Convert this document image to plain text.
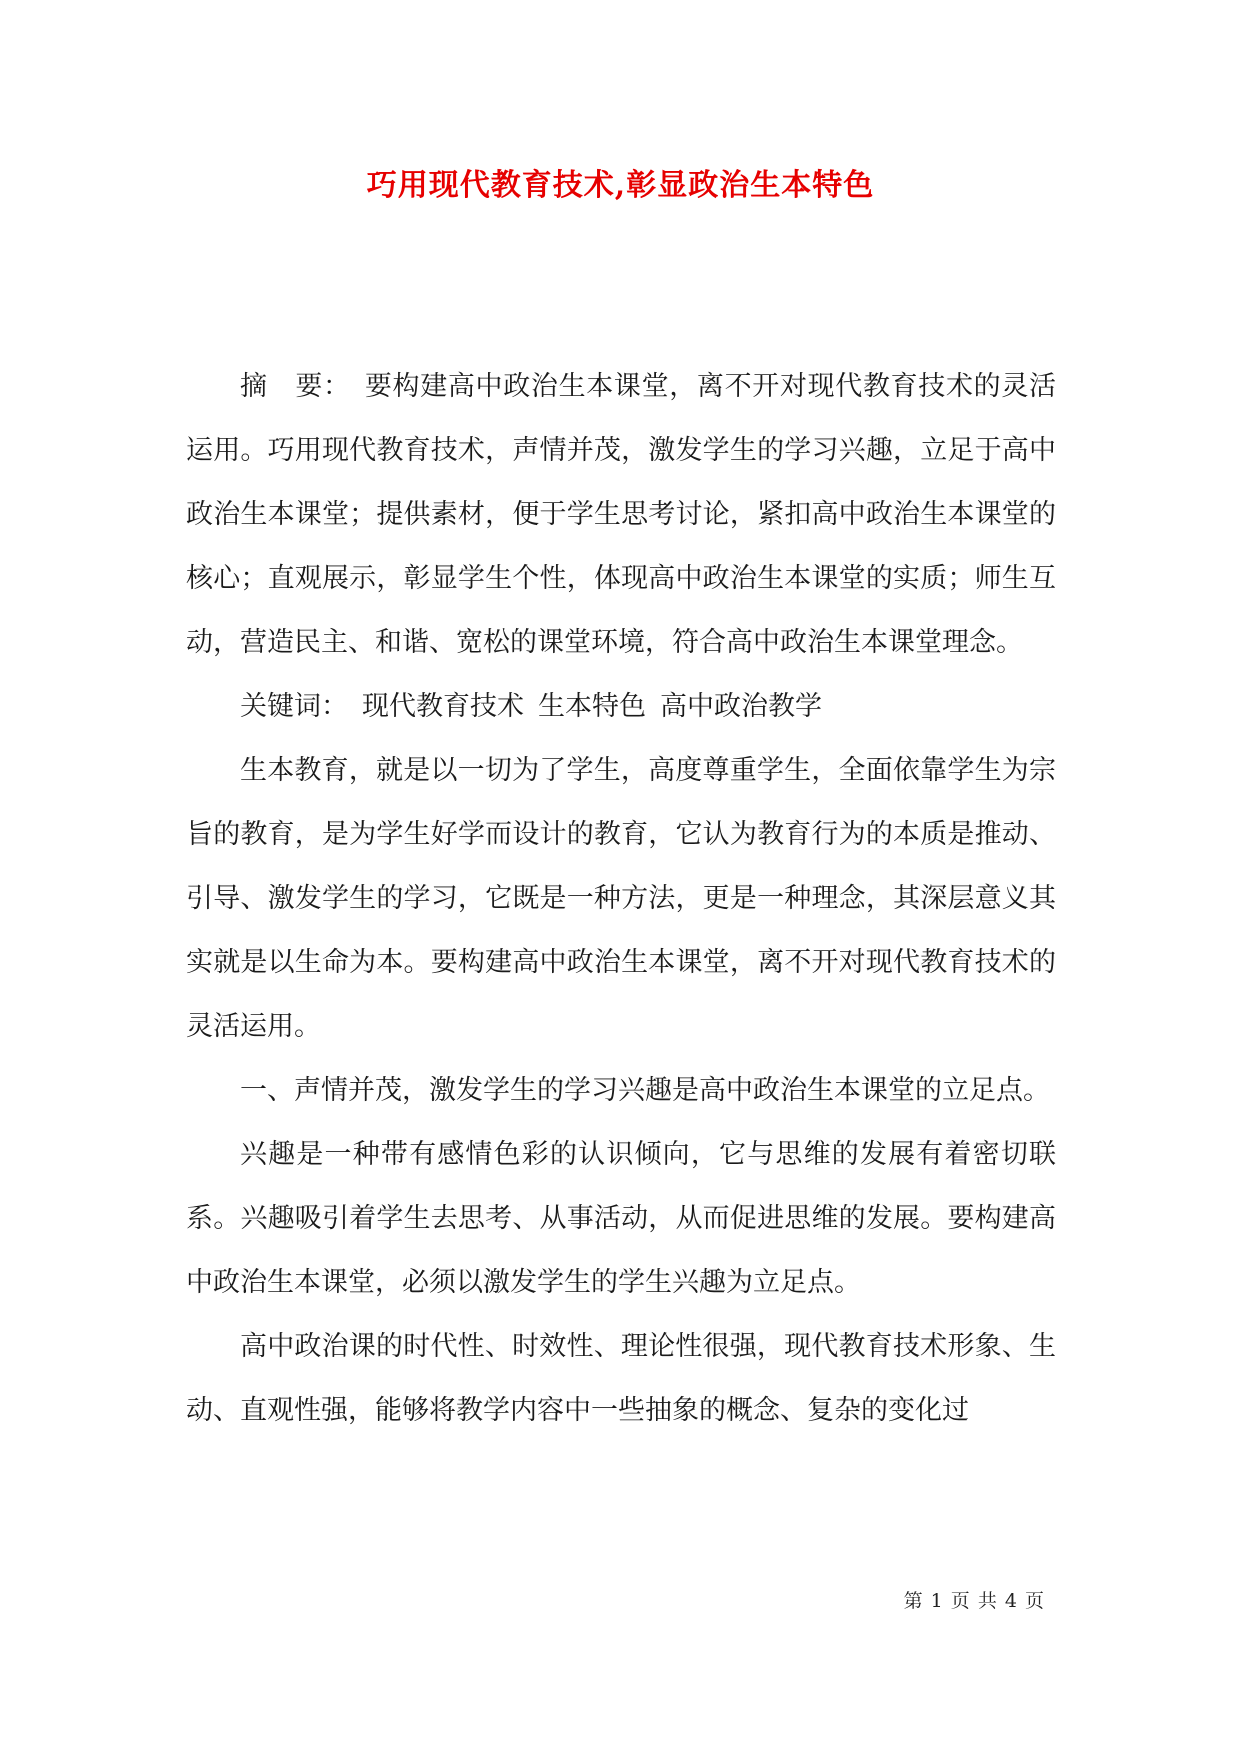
巧用现代教育技术,彰显政治生本特色

摘　要：　要构建高中政治生本课堂，离不开对现代教育技术的灵活运用。巧用现代教育技术，声情并茂，激发学生的学习兴趣，立足于高中政治生本课堂；提供素材，便于学生思考讨论，紧扣高中政治生本课堂的核心；直观展示，彰显学生个性，体现高中政治生本课堂的实质；师生互动，营造民主、和谐、宽松的课堂环境，符合高中政治生本课堂理念。

关键词： 现代教育技术 生本特色 高中政治教学

生本教育，就是以一切为了学生，高度尊重学生，全面依靠学生为宗旨的教育，是为学生好学而设计的教育，它认为教育行为的本质是推动、引导、激发学生的学习，它既是一种方法，更是一种理念，其深层意义其实就是以生命为本。要构建高中政治生本课堂，离不开对现代教育技术的灵活运用。

一、声情并茂，激发学生的学习兴趣是高中政治生本课堂的立足点。

兴趣是一种带有感情色彩的认识倾向，它与思维的发展有着密切联系。兴趣吸引着学生去思考、从事活动，从而促进思维的发展。要构建高中政治生本课堂，必须以激发学生的学生兴趣为立足点。

高中政治课的时代性、时效性、理论性很强，现代教育技术形象、生动、直观性强，能够将教学内容中一些抽象的概念、复杂的变化过

第 1 页 共 4 页
